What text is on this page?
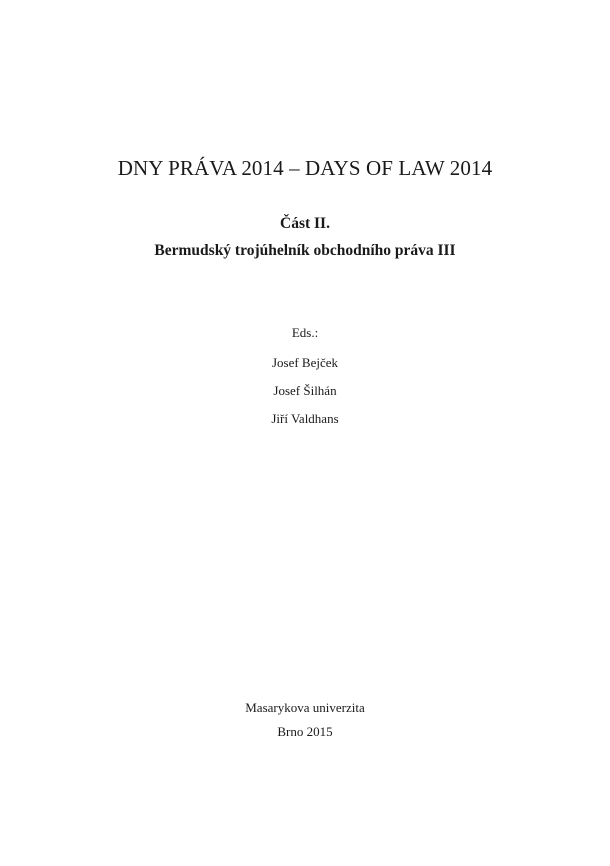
DNY PRÁVA 2014 – DAYS OF LAW 2014
Část II.
Bermudský trojúhelník obchodního práva III
Eds.:
Josef Bejček
Josef Šilhán
Jiří Valdhans
Masarykova univerzita
Brno 2015
